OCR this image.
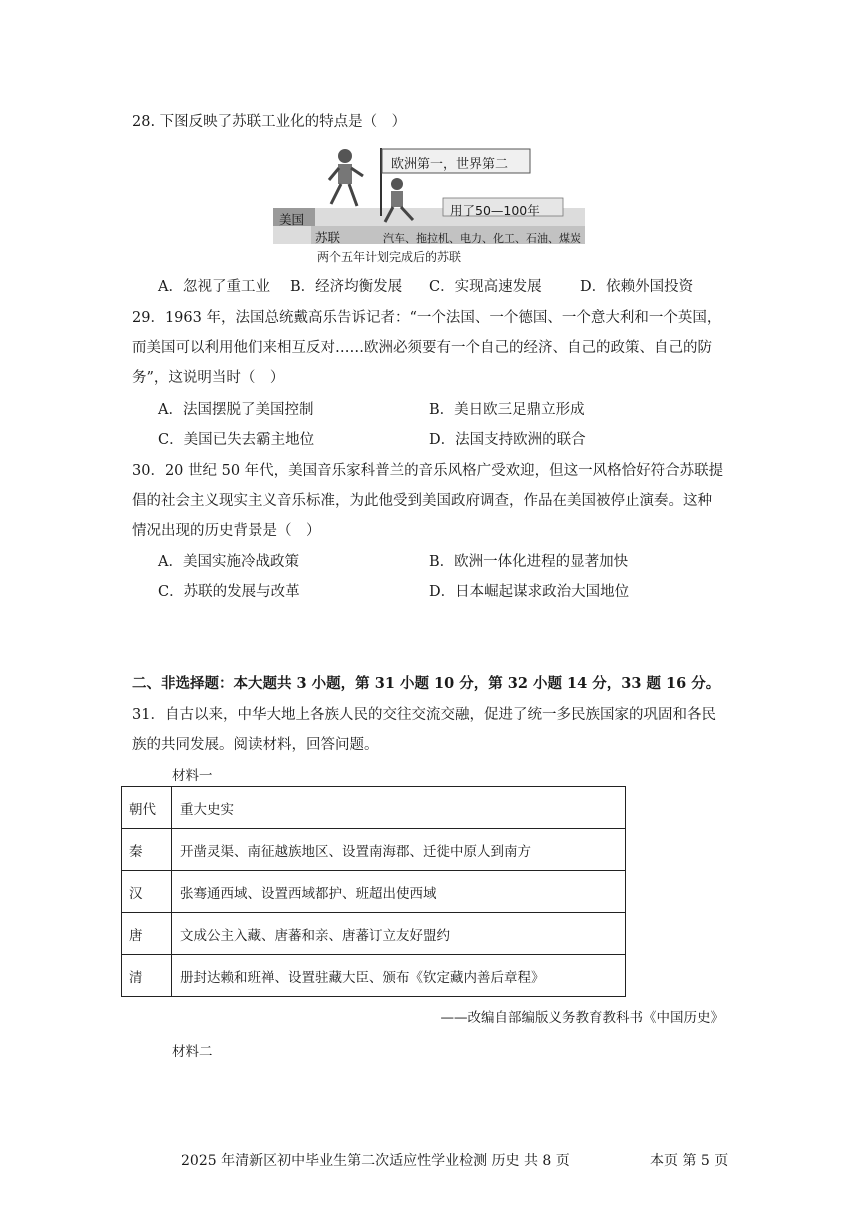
28. 下图反映了苏联工业化的特点是（　）
欧洲第一，世界第二
用了50—100年
美国
苏联	汽车、拖拉机、电力、化工、石油、煤炭
两个五年计划完成后的苏联
A．忽视了重工业 B．经济均衡发展 C．实现高速发展	D．依赖外国投资
29．1963 年，法国总统戴高乐告诉记者：“一个法国、一个德国、一个意大利和一个英国，
而美国可以利用他们来相互反对……欧洲必须要有一个自己的经济、自己的政策、自己的防
务”，这说明当时（　）
A．法国摆脱了美国控制	B．美日欧三足鼎立形成
C．美国已失去霸主地位	D．法国支持欧洲的联合
30．20 世纪 50 年代，美国音乐家科普兰的音乐风格广受欢迎，但这一风格恰好符合苏联提
倡的社会主义现实主义音乐标准，为此他受到美国政府调查，作品在美国被停止演奏。这种
情况出现的历史背景是（　）
A．美国实施冷战政策	B．欧洲一体化进程的显著加快
C．苏联的发展与改革	D．日本崛起谋求政治大国地位
二、非选择题：本大题共 3 小题，第 31 小题 10 分，第 32 小题 14 分，33 题 16 分。
31．自古以来，中华大地上各族人民的交往交流交融，促进了统一多民族国家的巩固和各民
族的共同发展。阅读材料，回答问题。
材料一
朝代	重大史实
秦	开凿灵渠、南征越族地区、设置南海郡、迁徙中原人到南方
汉	张骞通西域、设置西域都护、班超出使西域
唐	文成公主入藏、唐蕃和亲、唐蕃订立友好盟约
清	册封达赖和班禅、设置驻藏大臣、颁布《钦定藏内善后章程》
——改编自部编版义务教育教科书《中国历史》
材料二
2025 年清新区初中毕业生第二次适应性学业检测 历史 共 8 页	本页 第 5 页
